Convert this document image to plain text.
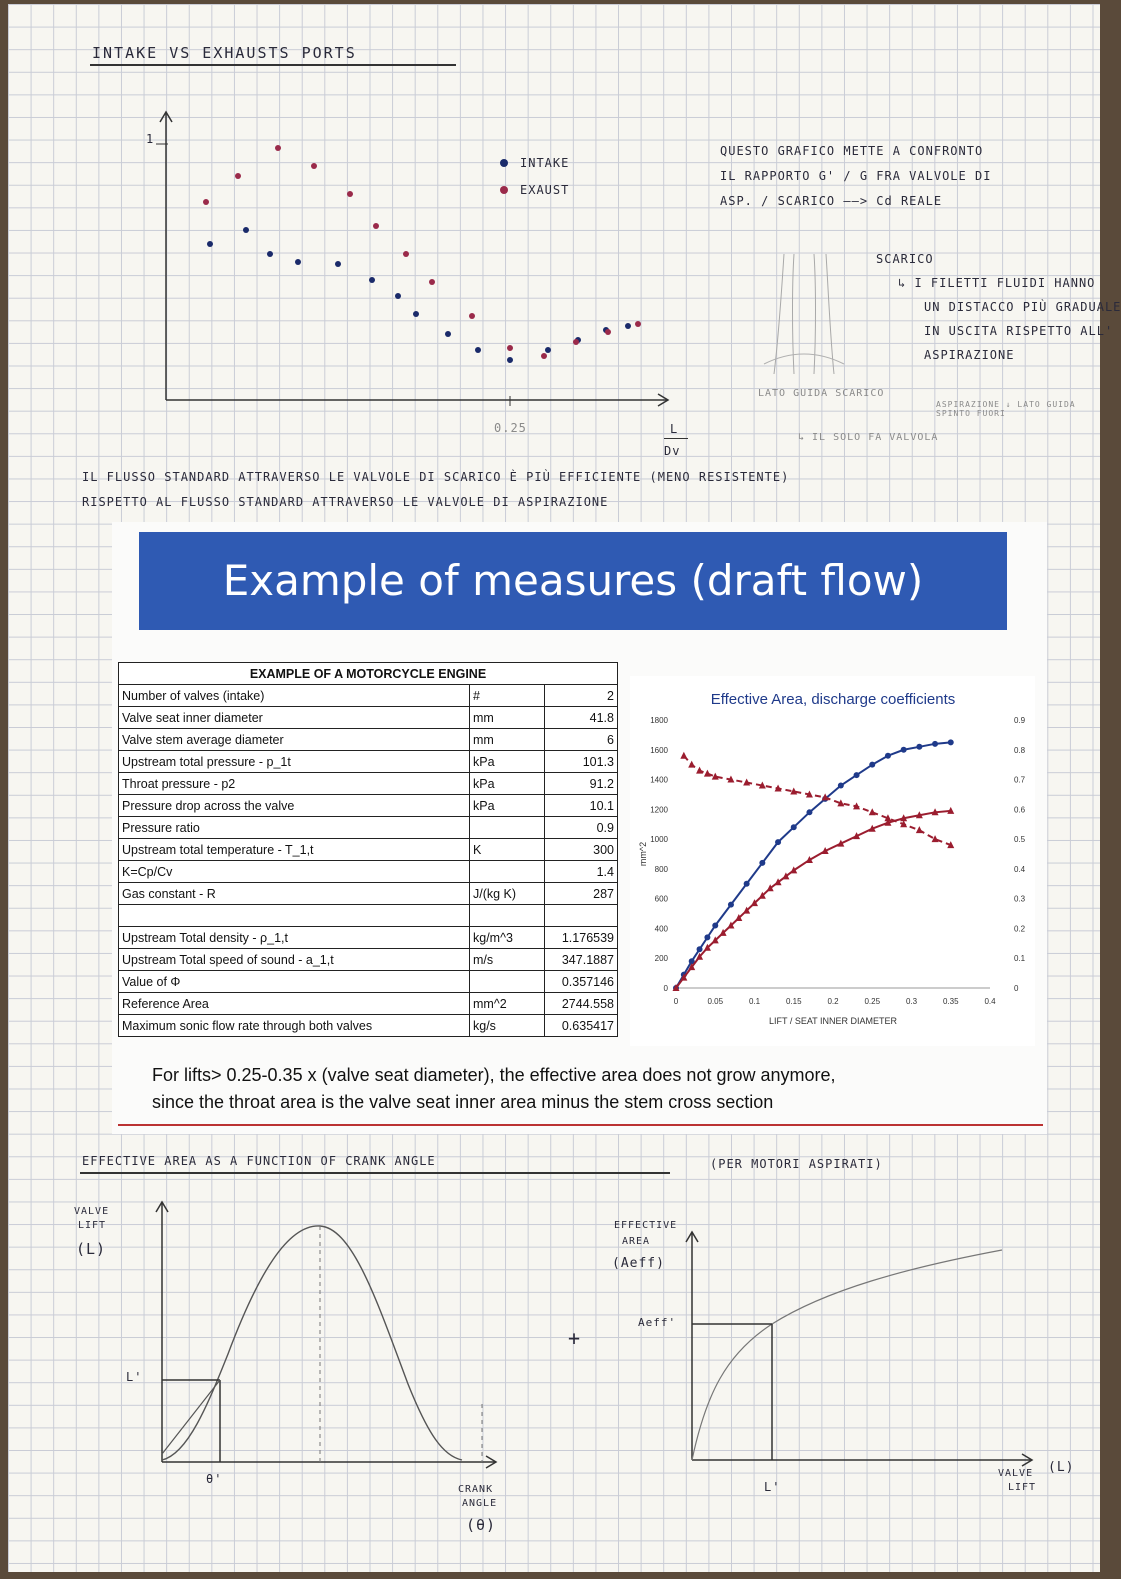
INTAKE VS EXHAUSTS PORTS
1
0.25	L
Dv
INTAKE
EXAUST
QUESTO GRAFICO METTE A CONFRONTO
IL RAPPORTO G' / G FRA VALVOLE DI
ASP. / SCARICO ——> Cd REALE
SCARICO
↳ I FILETTI FLUIDI HANNO
UN DISTACCO PIÙ GRADUALE
IN USCITA RISPETTO ALL'
ASPIRAZIONE
LATO GUIDA SCARICO
↳ IL SOLO FA VALVOLA
ASPIRAZIONE ↓ LATO GUIDA SPINTO FUORI
IL FLUSSO STANDARD ATTRAVERSO LE VALVOLE DI SCARICO È PIÙ EFFICIENTE (MENO RESISTENTE)
RISPETTO AL FLUSSO STANDARD ATTRAVERSO LE VALVOLE DI ASPIRAZIONE
Example of measures (draft flow)
EXAMPLE OF A MOTORCYCLE ENGINE		
Number of valves (intake)	#	2
Valve seat inner diameter	mm	41.8
Valve stem average diameter	mm	6
Upstream total pressure - p_1t	kPa	101.3
Throat pressure - p2	kPa	91.2
Pressure drop across the valve	kPa	10.1
Pressure ratio		0.9
Upstream total temperature - T_1,t	K	300
K=Cp/Cv		1.4
Gas constant - R	J/(kg K)	287

Upstream Total density - ρ_1,t	kg/m^3	1.176539
Upstream Total speed of sound - a_1,t	m/s	347.1887
Value of Φ		0.357146
Reference Area	mm^2	2744.558
Maximum sonic flow rate through both valves	kg/s	0.635417
Effective Area, discharge coefficients
0
200
400
600
800
1000
1200
1400
1600
1800
0
0.1
0.2
0.3
0.4
0.5
0.6
0.7
0.8
0.9
0	0.05	0.1	0.15	0.2	0.25	0.3	0.35	0.4
LIFT / SEAT INNER DIAMETER
mm^2
For lifts> 0.25-0.35 x (valve seat diameter), the effective area does not grow anymore,
since the throat area is the valve seat inner area minus the stem cross section
EFFECTIVE AREA AS A FUNCTION OF CRANK ANGLE	(PER MOTORI ASPIRATI)
VALVE
LIFT
(L)
L'
θ'
CRANK
ANGLE
(θ)
+
EFFECTIVE
AREA
(Aeff)
Aeff'
L'
VALVE
LIFT
(L)
